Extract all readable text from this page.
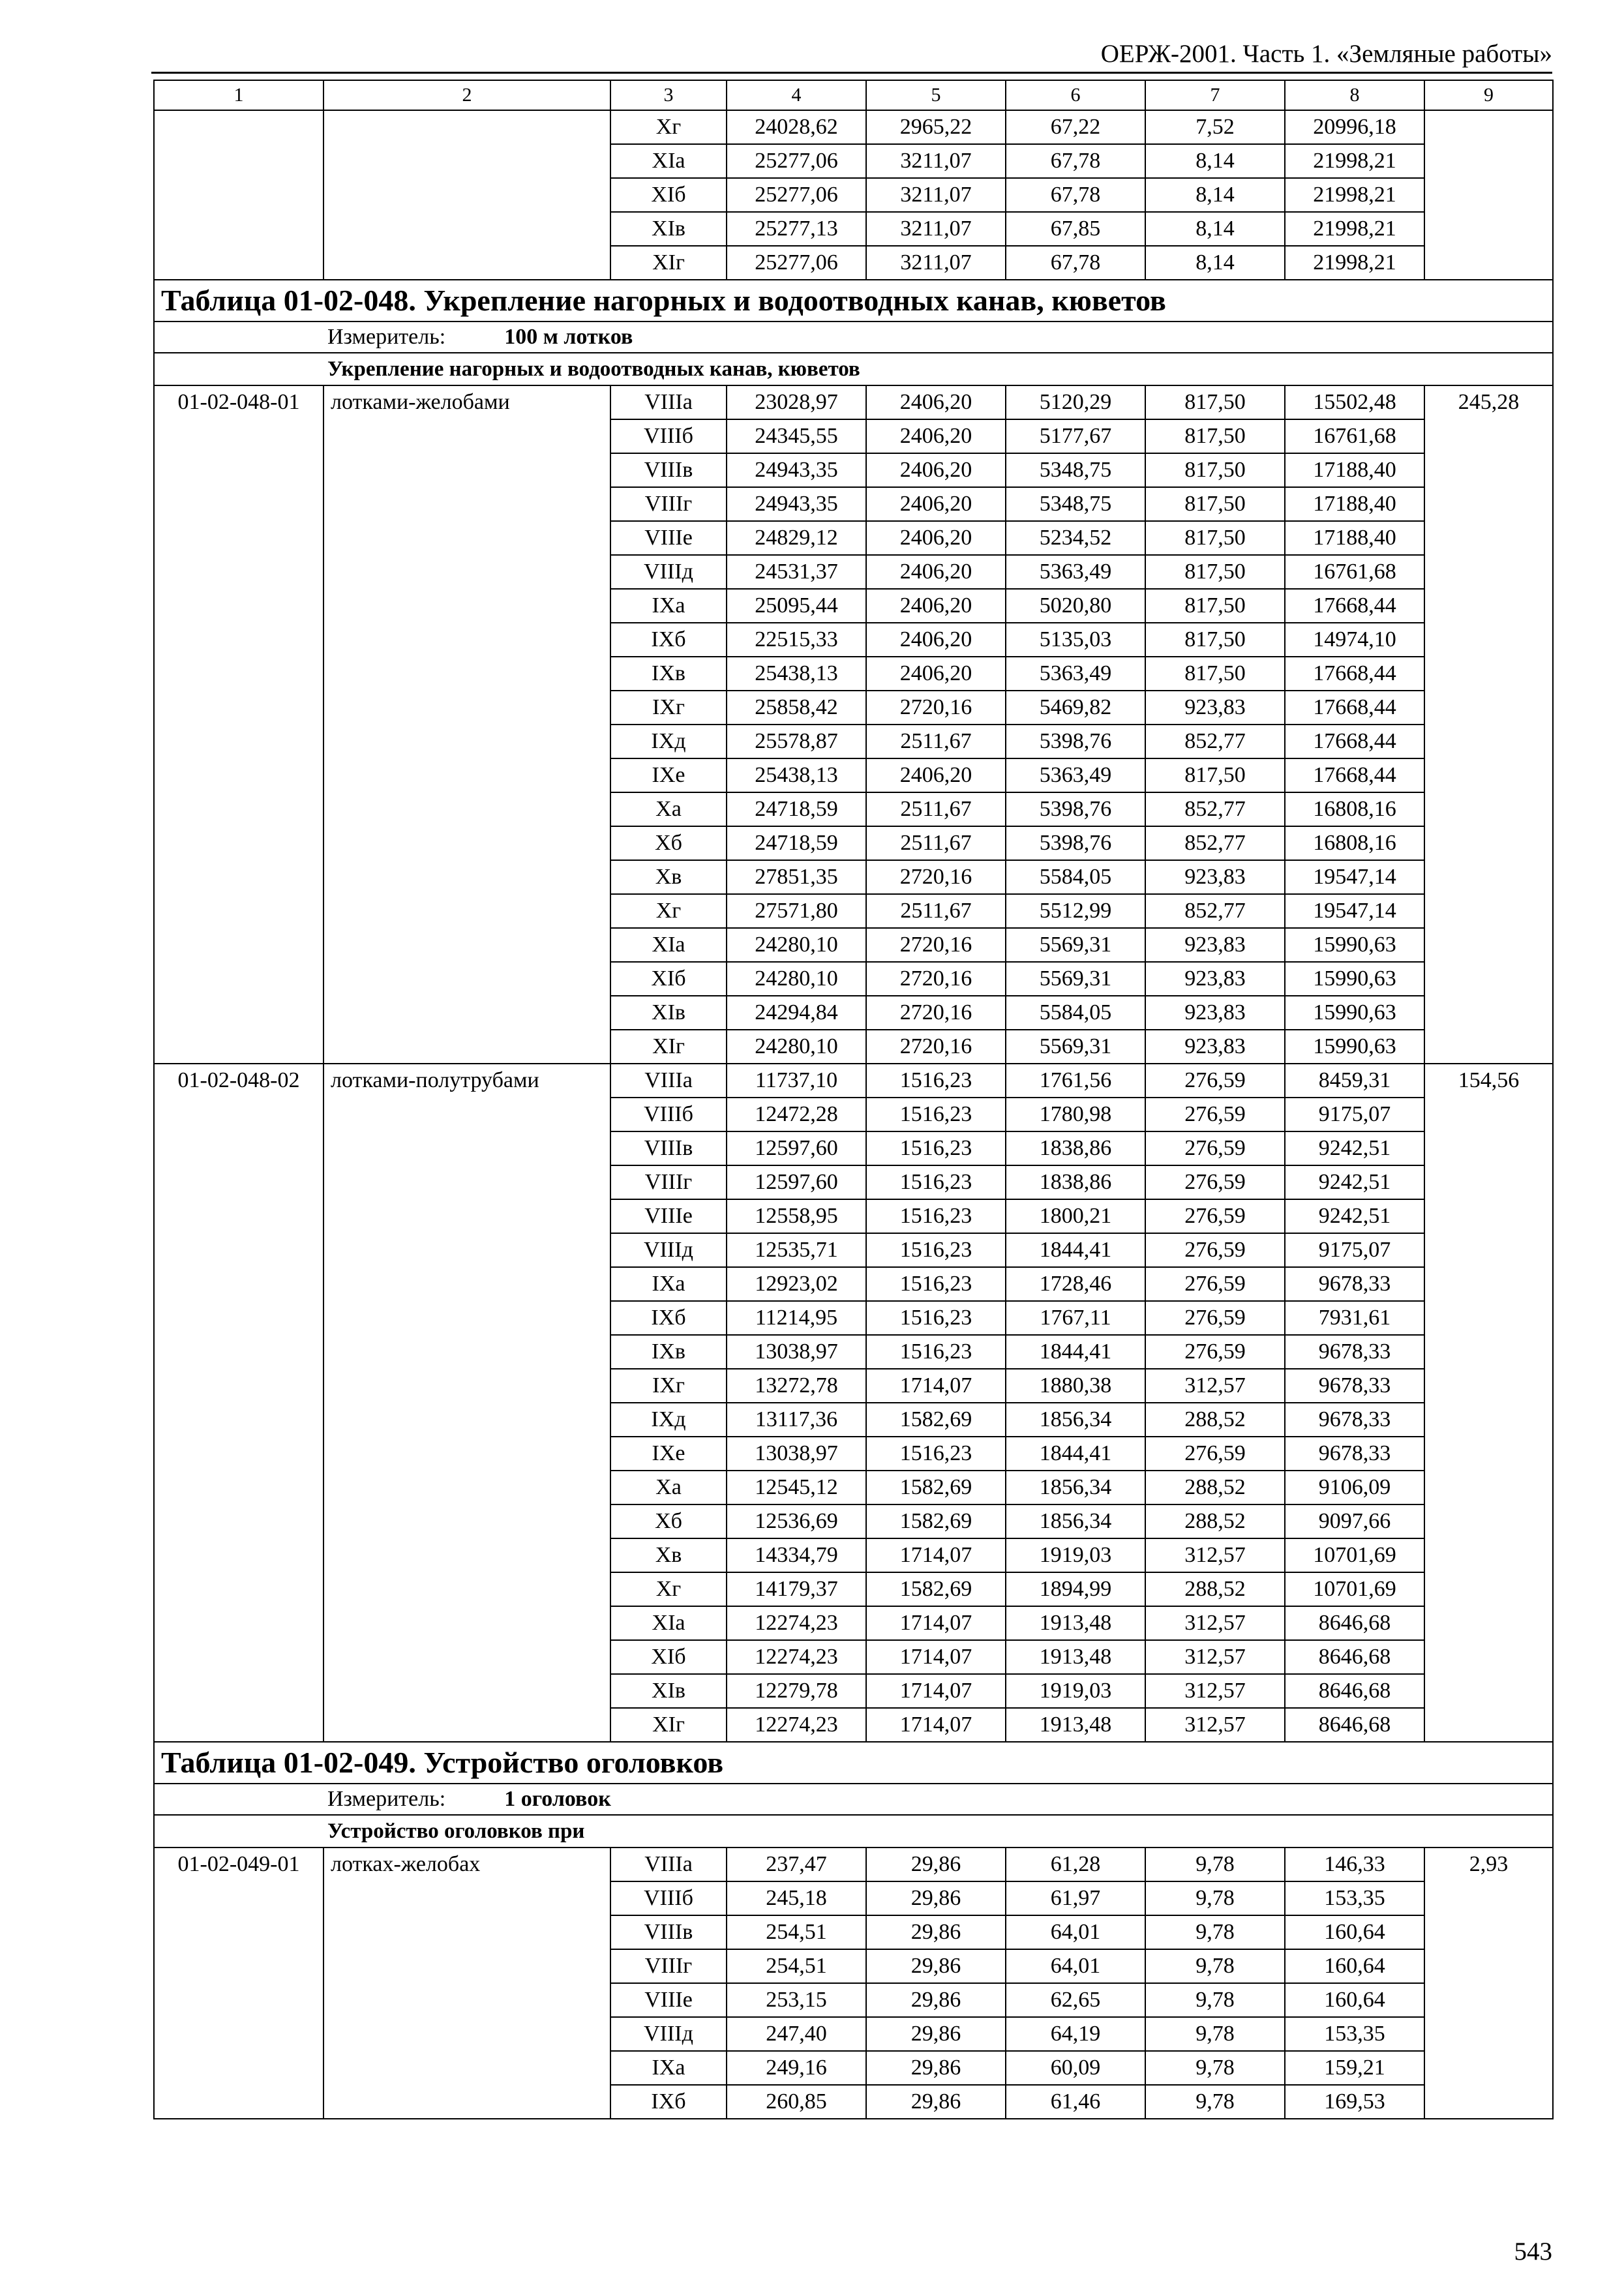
ОЕРЖ-2001. Часть 1. «Земляные работы»
1	2	3	4	5	6	7	8	9
		Xг	24028,62	2965,22	67,22	7,52	20996,18	
		XIа	25277,06	3211,07	67,78	8,14	21998,21	
		XIб	25277,06	3211,07	67,78	8,14	21998,21	
		XIв	25277,13	3211,07	67,85	8,14	21998,21	
		XIг	25277,06	3211,07	67,78	8,14	21998,21	
Таблица 01-02-048. Укрепление нагорных и водоотводных канав, кюветов								
Измеритель: 100 м лотков								
Укрепление нагорных и водоотводных канав, кюветов								
01-02-048-01	лотками-желобами	VIIIа	23028,97	2406,20	5120,29	817,50	15502,48	245,28
		VIIIб	24345,55	2406,20	5177,67	817,50	16761,68	
		VIIIв	24943,35	2406,20	5348,75	817,50	17188,40	
		VIIIг	24943,35	2406,20	5348,75	817,50	17188,40	
		VIIIе	24829,12	2406,20	5234,52	817,50	17188,40	
		VIIIд	24531,37	2406,20	5363,49	817,50	16761,68	
		IXа	25095,44	2406,20	5020,80	817,50	17668,44	
		IXб	22515,33	2406,20	5135,03	817,50	14974,10	
		IXв	25438,13	2406,20	5363,49	817,50	17668,44	
		IXг	25858,42	2720,16	5469,82	923,83	17668,44	
		IXд	25578,87	2511,67	5398,76	852,77	17668,44	
		IXе	25438,13	2406,20	5363,49	817,50	17668,44	
		Xа	24718,59	2511,67	5398,76	852,77	16808,16	
		Xб	24718,59	2511,67	5398,76	852,77	16808,16	
		Xв	27851,35	2720,16	5584,05	923,83	19547,14	
		Xг	27571,80	2511,67	5512,99	852,77	19547,14	
		XIа	24280,10	2720,16	5569,31	923,83	15990,63	
		XIб	24280,10	2720,16	5569,31	923,83	15990,63	
		XIв	24294,84	2720,16	5584,05	923,83	15990,63	
		XIг	24280,10	2720,16	5569,31	923,83	15990,63	
01-02-048-02	лотками-полутрубами	VIIIа	11737,10	1516,23	1761,56	276,59	8459,31	154,56
		VIIIб	12472,28	1516,23	1780,98	276,59	9175,07	
		VIIIв	12597,60	1516,23	1838,86	276,59	9242,51	
		VIIIг	12597,60	1516,23	1838,86	276,59	9242,51	
		VIIIе	12558,95	1516,23	1800,21	276,59	9242,51	
		VIIIд	12535,71	1516,23	1844,41	276,59	9175,07	
		IXа	12923,02	1516,23	1728,46	276,59	9678,33	
		IXб	11214,95	1516,23	1767,11	276,59	7931,61	
		IXв	13038,97	1516,23	1844,41	276,59	9678,33	
		IXг	13272,78	1714,07	1880,38	312,57	9678,33	
		IXд	13117,36	1582,69	1856,34	288,52	9678,33	
		IXе	13038,97	1516,23	1844,41	276,59	9678,33	
		Xа	12545,12	1582,69	1856,34	288,52	9106,09	
		Xб	12536,69	1582,69	1856,34	288,52	9097,66	
		Xв	14334,79	1714,07	1919,03	312,57	10701,69	
		Xг	14179,37	1582,69	1894,99	288,52	10701,69	
		XIа	12274,23	1714,07	1913,48	312,57	8646,68	
		XIб	12274,23	1714,07	1913,48	312,57	8646,68	
		XIв	12279,78	1714,07	1919,03	312,57	8646,68	
		XIг	12274,23	1714,07	1913,48	312,57	8646,68	
Таблица 01-02-049. Устройство оголовков								
Измеритель: 1 оголовок								
Устройство оголовков при								
01-02-049-01	лотках-желобах	VIIIа	237,47	29,86	61,28	9,78	146,33	2,93
		VIIIб	245,18	29,86	61,97	9,78	153,35	
		VIIIв	254,51	29,86	64,01	9,78	160,64	
		VIIIг	254,51	29,86	64,01	9,78	160,64	
		VIIIе	253,15	29,86	62,65	9,78	160,64	
		VIIIд	247,40	29,86	64,19	9,78	153,35	
		IXа	249,16	29,86	60,09	9,78	159,21	
		IXб	260,85	29,86	61,46	9,78	169,53	
543
